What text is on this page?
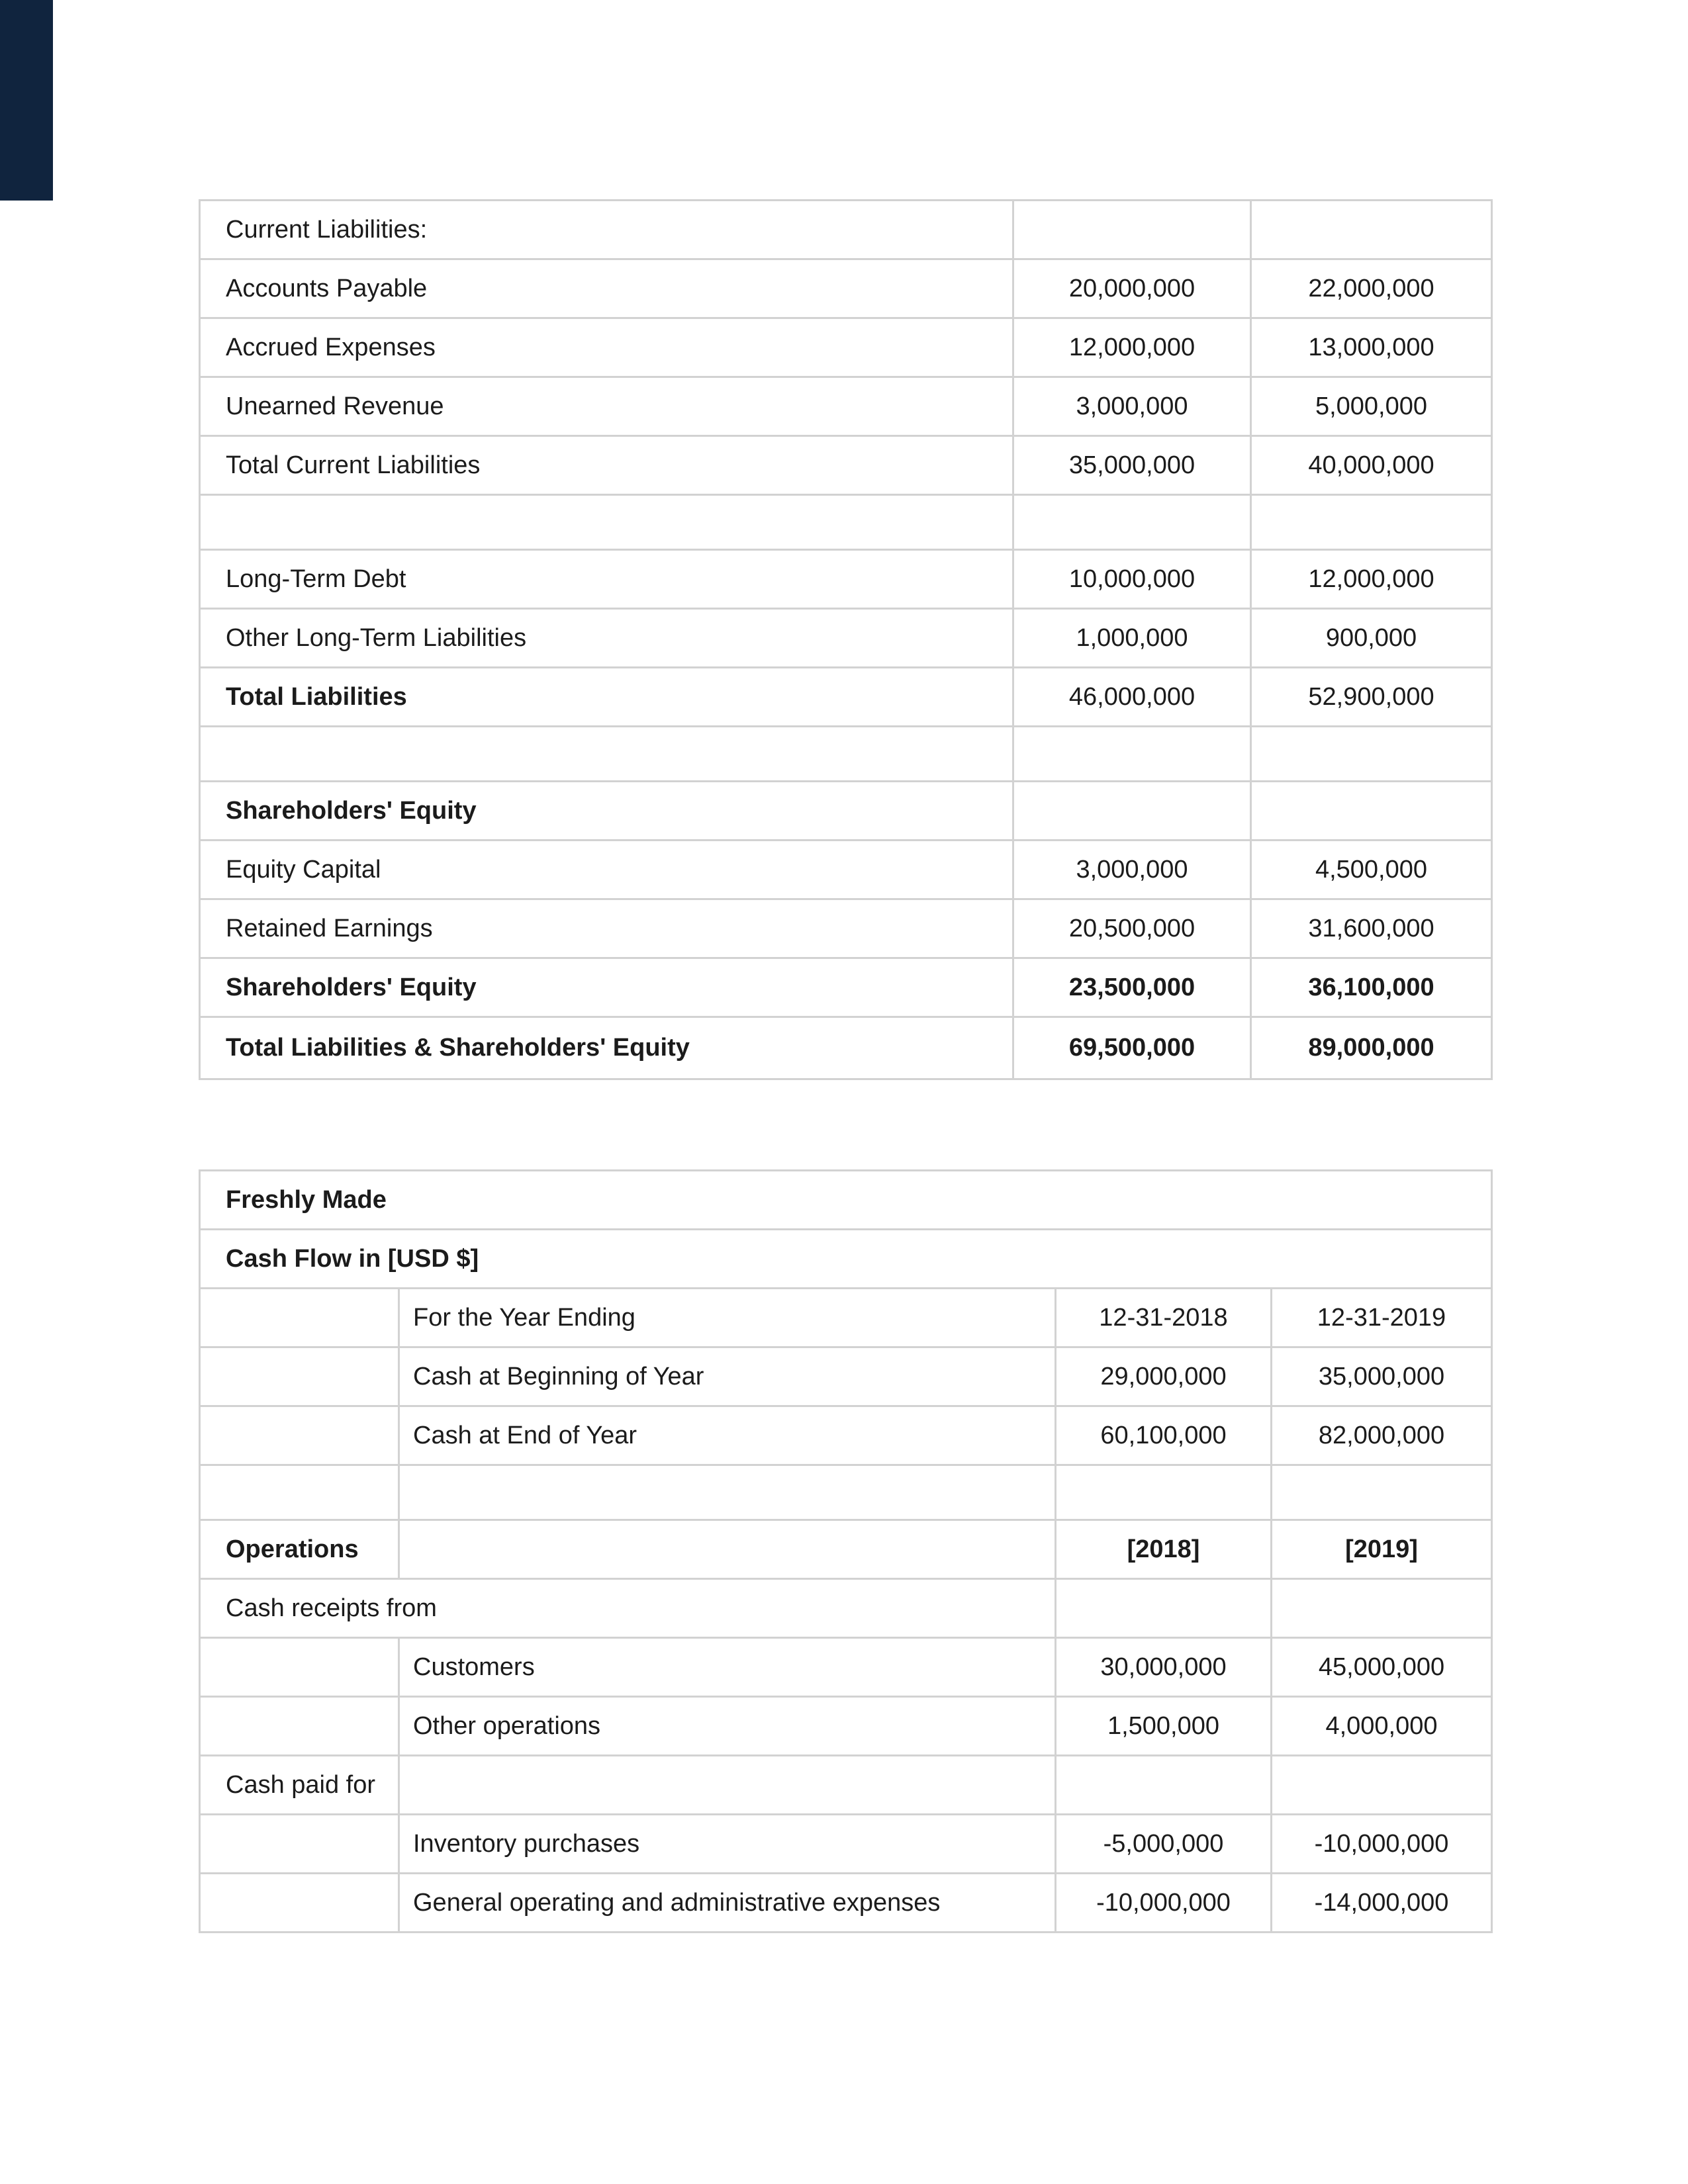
Current Liabilities:		
Accounts Payable	20,000,000	22,000,000
Accrued Expenses	12,000,000	13,000,000
Unearned Revenue	3,000,000	5,000,000
Total Current Liabilities	35,000,000	40,000,000

Long-Term Debt	10,000,000	12,000,000
Other Long-Term Liabilities	1,000,000	900,000
Total Liabilities	46,000,000	52,900,000

Shareholders' Equity		
Equity Capital	3,000,000	4,500,000
Retained Earnings	20,500,000	31,600,000
Shareholders' Equity	23,500,000	36,100,000
Total Liabilities & Shareholders' Equity	69,500,000	89,000,000
Freshly Made			
Cash Flow in [USD $]			
	For the Year Ending	12-31-2018	12-31-2019
	Cash at Beginning of Year	29,000,000	35,000,000
	Cash at End of Year	60,100,000	82,000,000

Operations		[2018]	[2019]
Cash receipts from			
	Customers	30,000,000	45,000,000
	Other operations	1,500,000	4,000,000
Cash paid for			
	Inventory purchases	-5,000,000	-10,000,000
	General operating and administrative expenses	-10,000,000	-14,000,000
